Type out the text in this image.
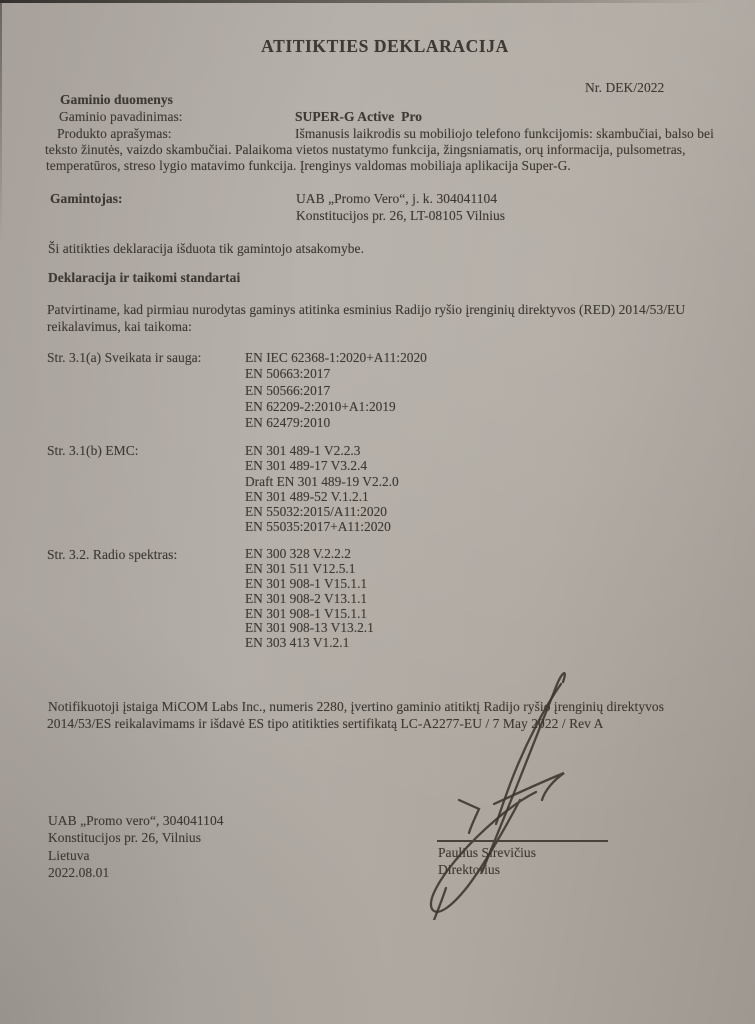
ATITIKTIES DEKLARACIJA
Nr. DEK/2022
Gaminio duomenys
Gaminio pavadinimas:	SUPER-G Active  Pro
Produkto aprašymas:	Išmanusis laikrodis su mobiliojo telefono funkcijomis: skambučiai, balso bei
teksto žinutės, vaizdo skambučiai. Palaikoma vietos nustatymo funkcija, žingsniamatis, orų informacija, pulsometras,
temperatūros, streso lygio matavimo funkcija. Įrenginys valdomas mobiliaja aplikacija Super-G.
Gamintojas:	UAB „Promo Vero“, j. k. 304041104
Konstitucijos pr. 26, LT-08105 Vilnius
Ši atitikties deklaracija išduota tik gamintojo atsakomybe.
Deklaracija ir taikomi standartai
Patvirtiname, kad pirmiau nurodytas gaminys atitinka esminius Radijo ryšio įrenginių direktyvos (RED) 2014/53/EU
reikalavimus, kai taikoma:
Str. 3.1(a) Sveikata ir sauga:	EN IEC 62368-1:2020+A11:2020
EN 50663:2017
EN 50566:2017
EN 62209-2:2010+A1:2019
EN 62479:2010
Str. 3.1(b) EMC:	EN 301 489-1 V2.2.3
EN 301 489-17 V3.2.4
Draft EN 301 489-19 V2.2.0
EN 301 489-52 V.1.2.1
EN 55032:2015/A11:2020
EN 55035:2017+A11:2020
Str. 3.2. Radio spektras:	EN 300 328 V.2.2.2
EN 301 511 V12.5.1
EN 301 908-1 V15.1.1
EN 301 908-2 V13.1.1
EN 301 908-1 V15.1.1
EN 301 908-13 V13.2.1
EN 303 413 V1.2.1
Notifikuotoji įstaiga MiCOM Labs Inc., numeris 2280, įvertino gaminio atitiktį Radijo ryšio įrenginių direktyvos
2014/53/ES reikalavimams ir išdavė ES tipo atitikties sertifikatą LC-A2277-EU / 7 May 2022 / Rev A
UAB „Promo vero“, 304041104
Konstitucijos pr. 26, Vilnius
Lietuva
2022.08.01
Paulius Sirevičius
Direktorius
